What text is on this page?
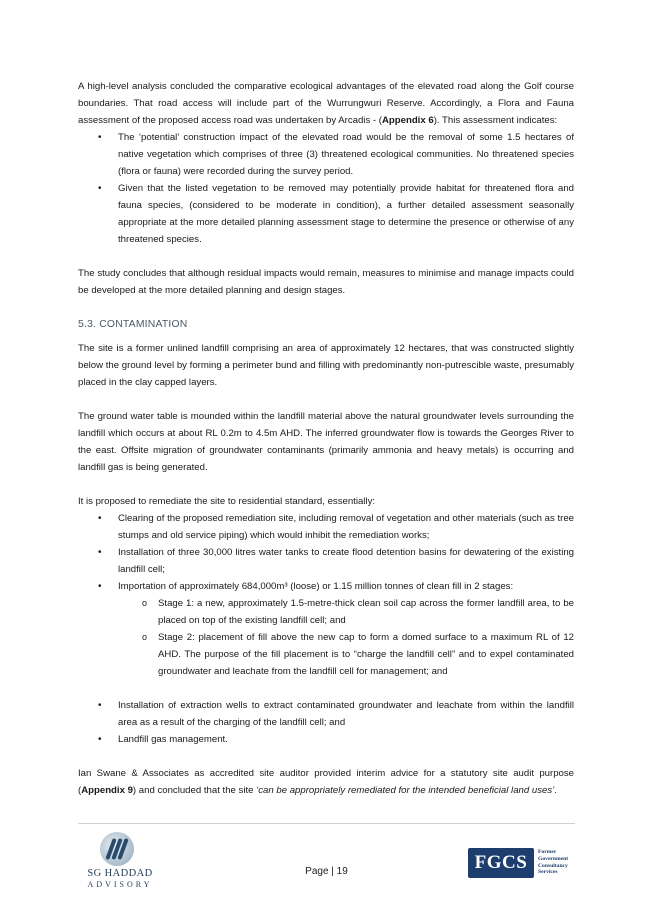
A high-level analysis concluded the comparative ecological advantages of the elevated road along the Golf course boundaries. That road access will include part of the Wurrungwuri Reserve. Accordingly, a Flora and Fauna assessment of the proposed access road was undertaken by Arcadis - (Appendix 6). This assessment indicates:

• The ‘potential’ construction impact of the elevated road would be the removal of some 1.5 hectares of native vegetation which comprises of three (3) threatened ecological communities. No threatened species (flora or fauna) were recorded during the survey period.
• Given that the listed vegetation to be removed may potentially provide habitat for threatened flora and fauna species, (considered to be moderate in condition), a further detailed assessment seasonally appropriate at the more detailed planning assessment stage to determine the presence or otherwise of any threatened species.

The study concludes that although residual impacts would remain, measures to minimise and manage impacts could be developed at the more detailed planning and design stages.

5.3. CONTAMINATION

The site is a former unlined landfill comprising an area of approximately 12 hectares, that was constructed slightly below the ground level by forming a perimeter bund and filling with predominantly non-putrescible waste, presumably placed in the clay capped layers.

The ground water table is mounded within the landfill material above the natural groundwater levels surrounding the landfill which occurs at about RL 0.2m to 4.5m AHD. The inferred groundwater flow is towards the Georges River to the east. Offsite migration of groundwater contaminants (primarily ammonia and heavy metals) is occurring and landfill gas is being generated.

It is proposed to remediate the site to residential standard, essentially:

• Clearing of the proposed remediation site, including removal of vegetation and other materials (such as tree stumps and old service piping) which would inhibit the remediation works;
• Installation of three 30,000 litres water tanks to create flood detention basins for dewatering of the existing landfill cell;
• Importation of approximately 684,000m³ (loose) or 1.15 million tonnes of clean fill in 2 stages:
o Stage 1: a new, approximately 1.5-metre-thick clean soil cap across the former landfill area, to be placed on top of the existing landfill cell; and
o Stage 2: placement of fill above the new cap to form a domed surface to a maximum RL of 12 AHD. The purpose of the fill placement is to “charge the landfill cell” and to expel contaminated groundwater and leachate from the landfill cell for management; and
• Installation of extraction wells to extract contaminated groundwater and leachate from within the landfill area as a result of the charging of the landfill cell; and
• Landfill gas management.

Ian Swane & Associates as accredited site auditor provided interim advice for a statutory site audit purpose (Appendix 9) and concluded that the site ‘can be appropriately remediated for the intended beneficial land uses’.

SG HADDAD
ADVISORY
Page | 19	FGCS	Former
Government
Consultancy
Services
